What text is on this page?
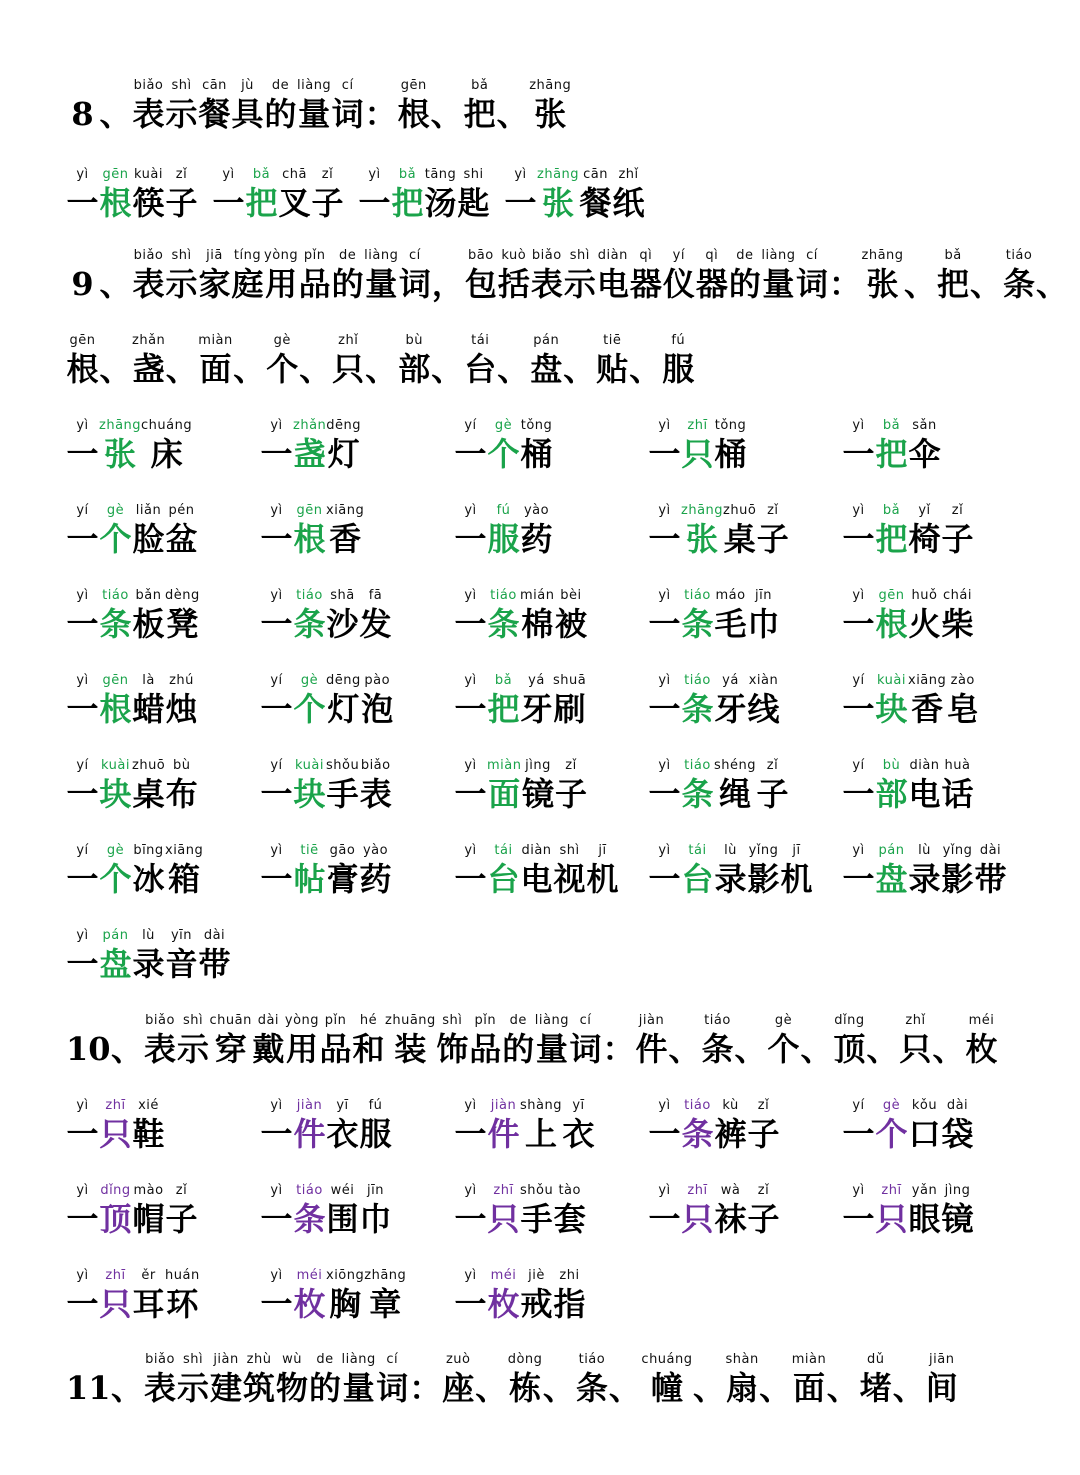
8 、
biǎo
表
shì
示
cān
餐
jù
具
de
的
liàng
量
cí
词 ：
gēn
根 、
bǎ
把 、
zhāng
张
yì
一
gēn
根
kuài
筷
zǐ
子
yì
一
bǎ
把
chā
叉
zǐ
子
yì
一
bǎ
把
tāng
汤
shi
匙
yì
一
zhāng
张
cān
餐
zhǐ
纸
9 、
biǎo
表
shì
示
jiā
家
tíng
庭
yòng
用
pǐn
品
de
的
liàng
量
cí
词 ，
bāo
包
kuò
括
biǎo
表
shì
示
diàn
电
qì
器
yí
仪
qì
器
de
的
liàng
量
cí
词 ：
zhāng
张 、
bǎ
把 、
tiáo
条 、
gēn
根 、
zhǎn
盏 、
miàn
面 、
gè
个 、
zhǐ
只 、
bù
部 、
tái
台 、
pán
盘 、
tiē
贴 、
fú
服
yì
一
zhāng
张
chuáng
床
yì
一
zhǎn
盏
dēng
灯
yí
一
gè
个
tǒng
桶
yì
一
zhī
只
tǒng
桶
yì
一
bǎ
把
sǎn
伞
yí
一
gè
个
liǎn
脸
pén
盆
yì
一
gēn
根
xiāng
香
yì
一
fú
服
yào
药
yì
一
zhāng
张
zhuō
桌
zǐ
子
yì
一
bǎ
把
yǐ
椅
zǐ
子
yì
一
tiáo
条
bǎn
板
dèng
凳
yì
一
tiáo
条
shā
沙
fā
发
yì
一
tiáo
条
mián
棉
bèi
被
yì
一
tiáo
条
máo
毛
jīn
巾
yì
一
gēn
根
huǒ
火
chái
柴
yì
一
gēn
根
là
蜡
zhú
烛
yí
一
gè
个
dēng
灯
pào
泡
yì
一
bǎ
把
yá
牙
shuā
刷
yì
一
tiáo
条
yá
牙
xiàn
线
yí
一
kuài
块
xiāng
香
zào
皂
yí
一
kuài
块
zhuō
桌
bù
布
yí
一
kuài
块
shǒu
手
biǎo
表
yì
一
miàn
面
jìng
镜
zǐ
子
yì
一
tiáo
条
shéng
绳
zǐ
子
yí
一
bù
部
diàn
电
huà
话
yí
一
gè
个
bīng
冰
xiāng
箱
yì
一
tiē
帖
gāo
膏
yào
药
yì
一
tái
台
diàn
电
shì
视
jī
机
yì
一
tái
台
lù
录
yǐng
影
jī
机
yì
一
pán
盘
lù
录
yǐng
影
dài
带
yì
一
pán
盘
lù
录
yīn
音
dài
带
10 、
biǎo
表
shì
示
chuān
穿
dài
戴
yòng
用
pǐn
品
hé
和
zhuāng
装
shì
饰
pǐn
品
de
的
liàng
量
cí
词 ：
jiàn
件 、
tiáo
条 、
gè
个 、
dǐng
顶 、
zhǐ
只 、
méi
枚
yì
一
zhī
只
xié
鞋
yì
一
jiàn
件
yī
衣
fú
服
yì
一
jiàn
件
shàng
上
yī
衣
yì
一
tiáo
条
kù
裤
zǐ
子
yí
一
gè
个
kǒu
口
dài
袋
yì
一
dǐng
顶
mào
帽
zǐ
子
yì
一
tiáo
条
wéi
围
jīn
巾
yì
一
zhī
只
shǒu
手
tào
套
yì
一
zhī
只
wà
袜
zǐ
子
yì
一
zhī
只
yǎn
眼
jìng
镜
yì
一
zhī
只
ěr
耳
huán
环
yì
一
méi
枚
xiōng
胸
zhāng
章
yì
一
méi
枚
jiè
戒
zhi
指
11 、
biǎo
表
shì
示
jiàn
建
zhù
筑
wù
物
de
的
liàng
量
cí
词 ：
zuò
座 、
dòng
栋 、
tiáo
条 、
chuáng
幢 、
shàn
扇 、
miàn
面 、
dǔ
堵 、
jiān
间
